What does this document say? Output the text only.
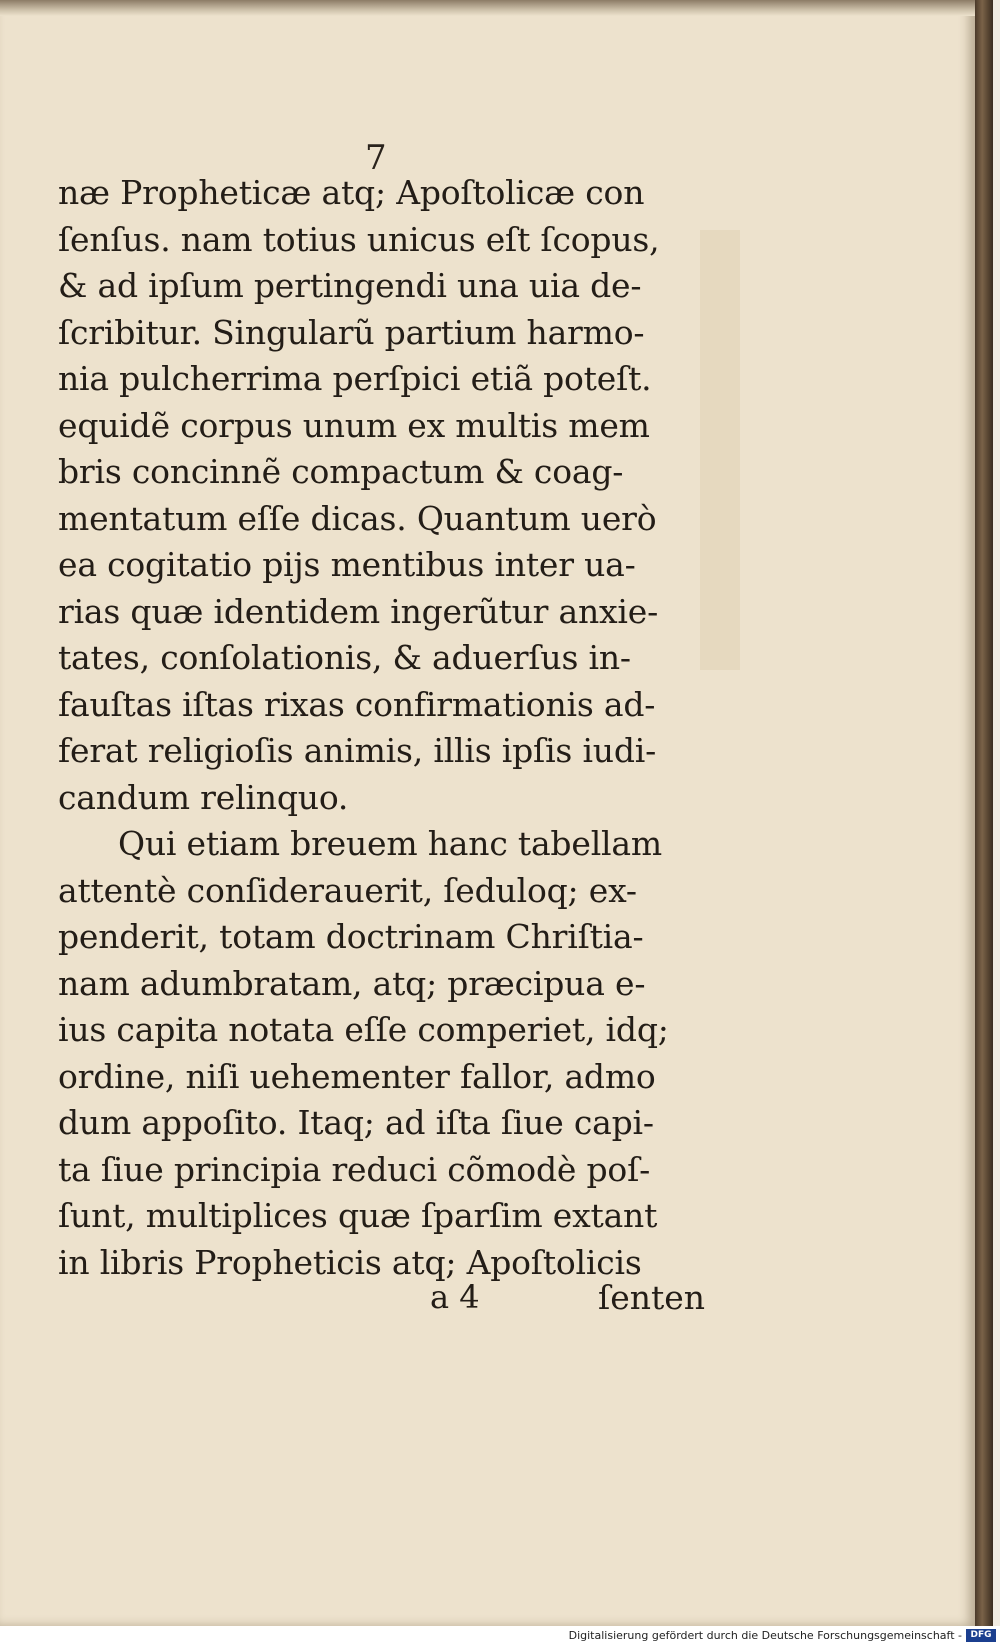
7
næ Propheticæ atq; Apoſtolicæ con
ſenſus. nam totius unicus eſt ſcopus,
& ad ipſum pertingendi una uia de-
ſcribitur. Singularũ partium harmo-
nia pulcherrima perſpici etiã poteſt.
equidẽ corpus unum ex multis mem
bris concinnẽ compactum & coag-
mentatum eſſe dicas. Quantum uerò
ea cogitatio pijs mentibus inter ua-
rias quæ identidem ingerũtur anxie-
tates, conſolationis, & aduerſus in-
fauſtas iſtas rixas confirmationis ad-
ferat religioſis animis, illis ipſis iudi-
candum relinquo.
Qui etiam breuem hanc tabellam
attentè conſiderauerit, ſeduloq; ex-
penderit, totam doctrinam Chriſtia-
nam adumbratam, atq; præcipua e-
ius capita notata eſſe comperiet, idq;
ordine, niſi uehementer fallor, admo
dum appoſito. Itaq; ad iſta ſiue capi-
ta ſiue principia reduci cõmodè poſ-
ſunt, multiplices quæ ſparſim extant
in libris Propheticis atq; Apoſtolicis
a 4	ſenten
Digitalisierung gefördert durch die Deutsche Forschungsgemeinschaft - DFG
